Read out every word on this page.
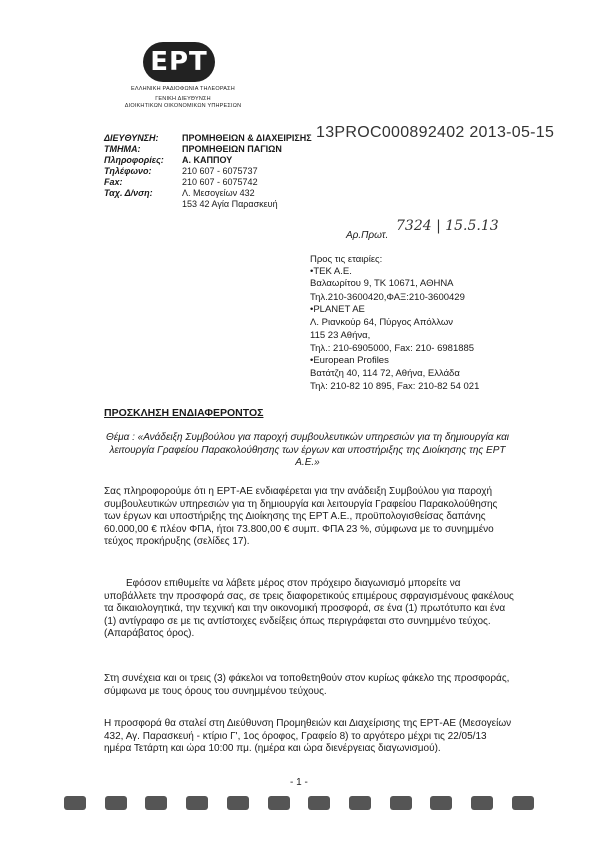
ΕΡΤ
ΕΛΛΗΝΙΚΗ ΡΑΔΙΟΦΩΝΙΑ ΤΗΛΕΟΡΑΣΗ
ΓΕΝΙΚΗ ΔΙΕΥΘΥΝΣΗ
ΔΙΟΙΚΗΤΙΚΩΝ ΟΙΚΟΝΟΜΙΚΩΝ ΥΠΗΡΕΣΙΩΝ
13PROC000892402 2013-05-15
ΔΙΕΥΘΥΝΣΗ:	ΠΡΟΜΗΘΕΙΩΝ & ΔΙΑΧΕΙΡΙΣΗΣ
ΤΜΗΜΑ:	ΠΡΟΜΗΘΕΙΩΝ ΠΑΓΙΩΝ
Πληροφορίες: Α. ΚΑΠΠΟΥ
Τηλέφωνο:	210 607 - 6075737
Fax:	210 607 - 6075742
Ταχ. Δ/νση:	Λ. Μεσογείων 432
153 42 Αγία Παρασκευή
Αρ.Πρωτ.
7324 | 15.5.13
Προς τις εταιρίες:
•TEK A.E.
Βαλαωρίτου 9, ΤΚ 10671, ΑΘΗΝΑ
Τηλ.210-3600420,ΦΑΞ:210-3600429
•PLANET AE
Λ. Ριανκούρ 64, Πύργος Απόλλων
115 23 Αθήνα,
Τηλ.: 210-6905000, Fax: 210- 6981885
•European Profiles
Βατάτζη 40, 114 72, Αθήνα, Ελλάδα
Τηλ: 210-82 10 895, Fax: 210-82 54 021
ΠΡΟΣΚΛΗΣΗ ΕΝΔΙΑΦΕΡΟΝΤΟΣ
Θέμα : «Ανάδειξη Συμβούλου για παροχή συμβουλευτικών υπηρεσιών για τη δημιουργία και λειτουργία Γραφείου Παρακολούθησης των έργων και υποστήριξης της Διοίκησης της ΕΡΤ Α.Ε.»
Σας πληροφορούμε ότι η ΕΡΤ-ΑΕ ενδιαφέρεται για την ανάδειξη Συμβούλου για παροχή συμβουλευτικών υπηρεσιών για τη δημιουργία και λειτουργία Γραφείου Παρακολούθησης των έργων και υποστήριξης της Διοίκησης της ΕΡΤ Α.Ε., προϋπολογισθείσας δαπάνης 60.000,00 € πλέον ΦΠΑ, ήτοι 73.800,00 € συμπ. ΦΠΑ 23 %, σύμφωνα με το συνημμένο τεύχος προκήρυξης (σελίδες 17).
Εφόσον επιθυμείτε να λάβετε μέρος στον πρόχειρο διαγωνισμό μπορείτε να υποβάλλετε την προσφορά σας, σε τρεις διαφορετικούς επιμέρους σφραγισμένους φακέλους τα δικαιολογητικά, την τεχνική και την οικονομική προσφορά, σε ένα (1) πρωτότυπο και ένα (1) αντίγραφο σε με τις αντίστοιχες ενδείξεις όπως περιγράφεται στο συνημμένο τεύχος. (Απαράβατος όρος).
Στη συνέχεια και οι τρεις (3) φάκελοι να τοποθετηθούν στον κυρίως φάκελο της προσφοράς, σύμφωνα με τους όρους του συνημμένου τεύχους.
Η προσφορά θα σταλεί στη Διεύθυνση Προμηθειών και Διαχείρισης της ΕΡΤ-ΑΕ (Μεσογείων 432, Αγ. Παρασκευή - κτίριο Γ', 1ος όροφος, Γραφείο 8) το αργότερο μέχρι τις 22/05/13 ημέρα Τετάρτη και ώρα 10:00 πμ. (ημέρα και ώρα διενέργειας διαγωνισμού).
- 1 -
